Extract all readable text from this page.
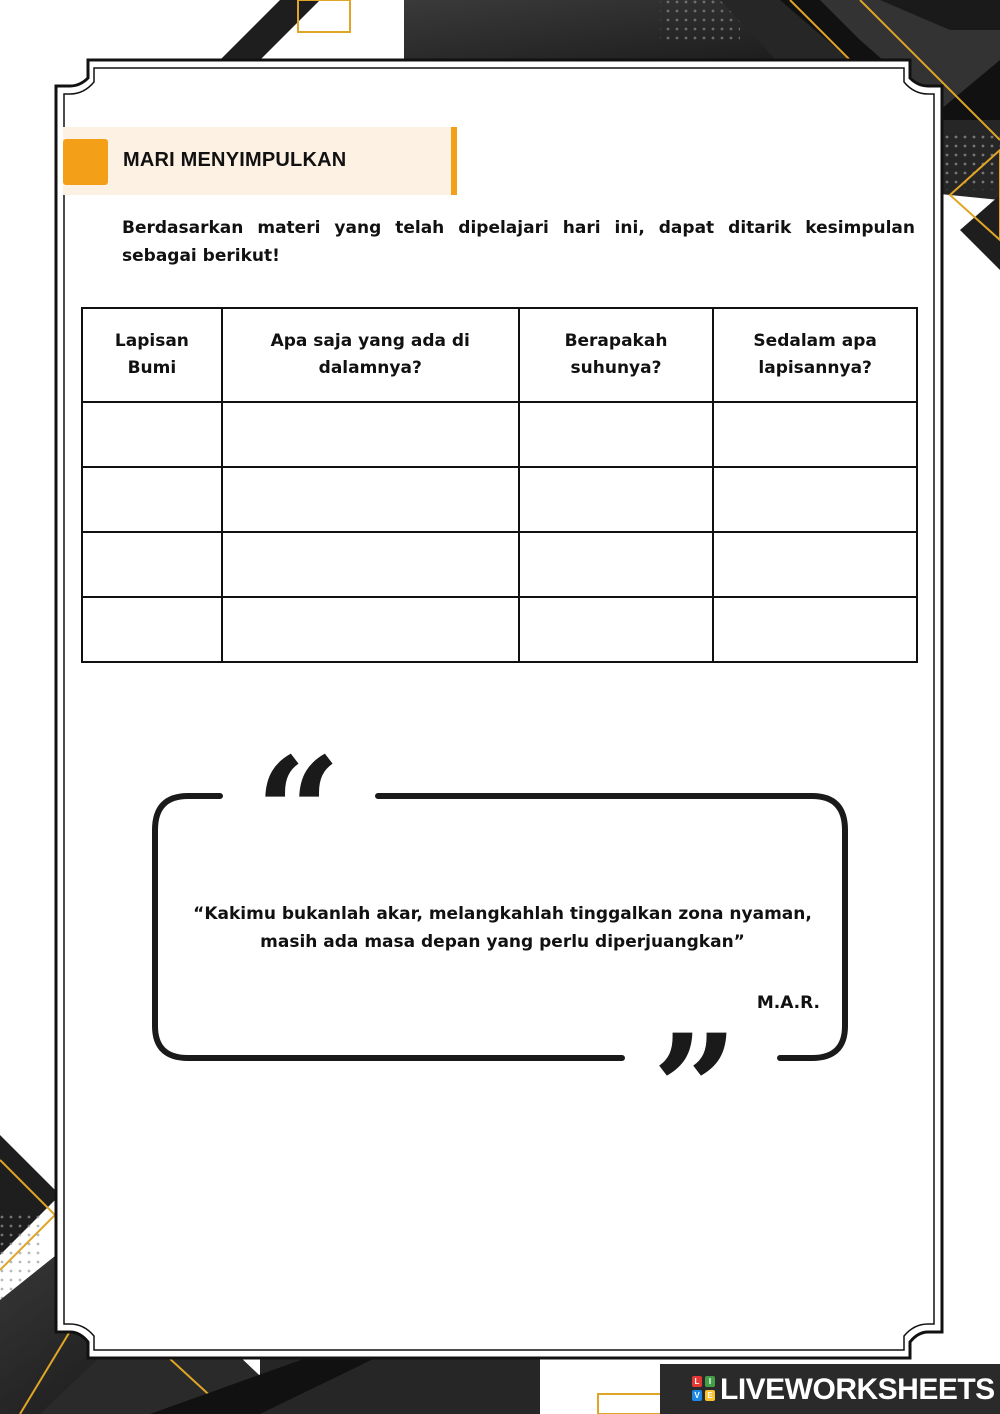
MARI MENYIMPULKAN
Berdasarkan materi yang telah dipelajari hari ini, dapat ditarik kesimpulan sebagai berikut!
Lapisan Bumi	Apa saja yang ada di dalamnya?	Berapakah suhunya?	Sedalam apa lapisannya?

“
“Kakimu bukanlah akar, melangkahlah tinggalkan zona nyaman, masih ada masa depan yang perlu diperjuangkan”
M.A.R.
”
L	I
V E LIVEWORKSHEETS
